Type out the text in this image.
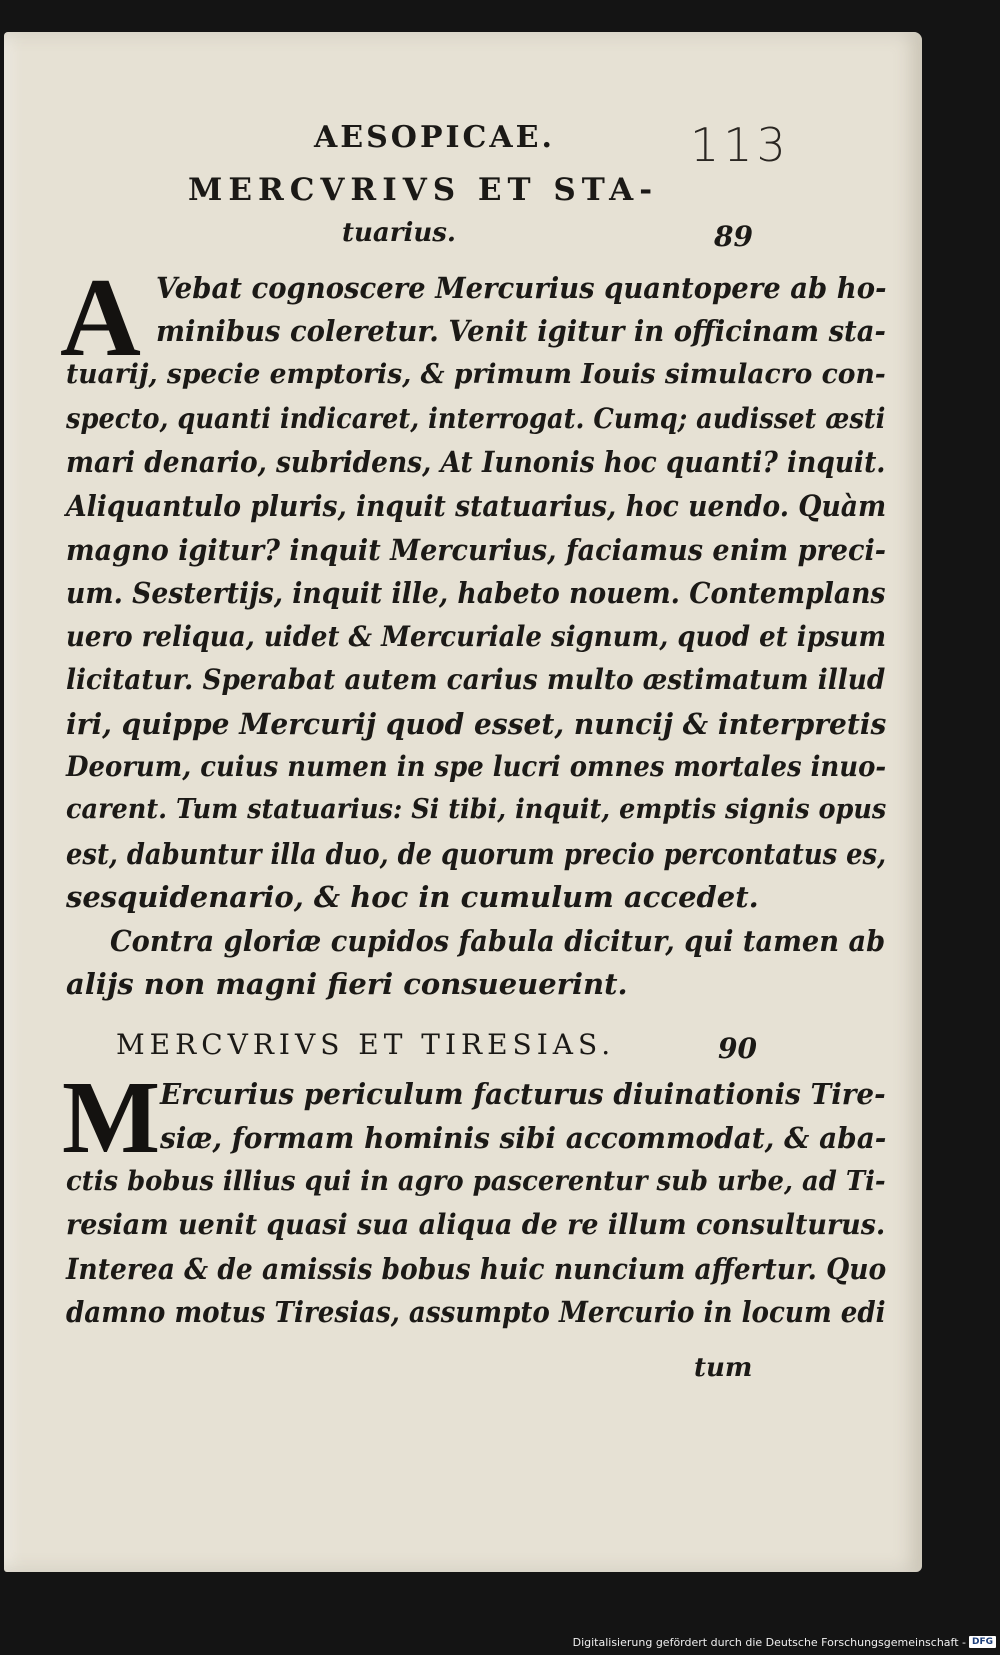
AESOPICAE.	113

MERCVRIVS ET STA-

tuarius.	89

A Vebat cognoscere Mercurius quantopere ab ho-

minibus coleretur. Venit igitur in officinam sta-

tuarij, specie emptoris, & primum Iouis simulacro con-

specto, quanti indicaret, interrogat. Cumq; audisset æsti

mari denario, subridens, At Iunonis hoc quanti? inquit.

Aliquantulo pluris, inquit statuarius, hoc uendo. Quàm

magno igitur? inquit Mercurius, faciamus enim preci-

um. Sestertijs, inquit ille, habeto nouem. Contemplans

uero reliqua, uidet & Mercuriale signum, quod et ipsum

licitatur. Sperabat autem carius multo æstimatum illud

iri, quippe Mercurij quod esset, nuncij & interpretis

Deorum, cuius numen in spe lucri omnes mortales inuo-

carent. Tum statuarius: Si tibi, inquit, emptis signis opus

est, dabuntur illa duo, de quorum precio percontatus es,

sesquidenario, & hoc in cumulum accedet.

Contra gloriæ cupidos fabula dicitur, qui tamen ab

alijs non magni fieri consueuerint.

MERCVRIVS ET TIRESIAS.	90

M Ercurius periculum facturus diuinationis Tire-

siæ, formam hominis sibi accommodat, & aba-

ctis bobus illius qui in agro pascerentur sub urbe, ad Ti-

resiam uenit quasi sua aliqua de re illum consulturus.

Interea & de amissis bobus huic nuncium affertur. Quo

damno motus Tiresias, assumpto Mercurio in locum edi

tum

Digitalisierung gefördert durch die Deutsche Forschungsgemeinschaft - DFG
